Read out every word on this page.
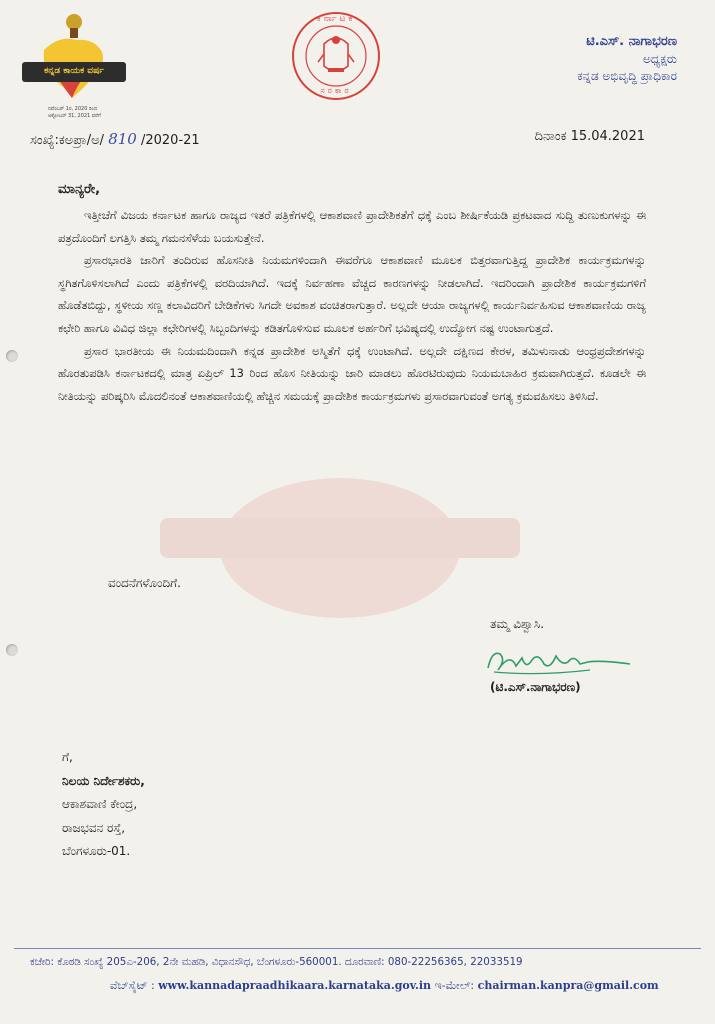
ಕನ್ನಡ ಕಾಯಕ ವರ್ಷ
ನವೆಂಬರ್ 1ರ, 2020 ರಿಂದ
ಅಕ್ಟೋಬರ್ 31, 2021 ವರೆಗೆ
ಕರ್ನಾಟಕ
ಸರಕಾರ
ಟಿ.ಎಸ್. ನಾಗಾಭರಣ
ಅಧ್ಯಕ್ಷರು
ಕನ್ನಡ ಅಭಿವೃದ್ಧಿ ಪ್ರಾಧಿಕಾರ
ಸಂಖ್ಯೆ:ಕಅಪ್ರಾ/ಅ/ 810 /2020-21	ದಿನಾಂಕ 15.04.2021
ಮಾನ್ಯರೇ,

ಇತ್ತೀಚೆಗೆ ವಿಜಯ ಕರ್ನಾಟಕ ಹಾಗೂ ರಾಜ್ಯದ ಇತರೆ ಪತ್ರಿಕೆಗಳಲ್ಲಿ ಆಕಾಶವಾಣಿ ಪ್ರಾದೇಶಿಕತೆಗೆ ಧಕ್ಕೆ ಎಂಬ ಶೀರ್ಷಿಕೆಯಡಿ ಪ್ರಕಟವಾದ ಸುದ್ದಿ ತುಣುಕುಗಳನ್ನು ಈ ಪತ್ರದೊಂದಿಗೆ ಲಗತ್ತಿಸಿ ತಮ್ಮ ಗಮನಸೆಳೆಯ ಬಯಸುತ್ತೇನೆ.

ಪ್ರಸಾರಭಾರತಿ ಜಾರಿಗೆ ತಂದಿರುವ ಹೊಸನೀತಿ ನಿಯಮಗಳಿಂದಾಗಿ ಈವರೆಗೂ ಆಕಾಶವಾಣಿ ಮೂಲಕ ಬಿತ್ತರವಾಗುತ್ತಿದ್ದ ಪ್ರಾದೇಶಿಕ ಕಾರ್ಯಕ್ರಮಗಳನ್ನು ಸ್ಥಗಿತಗೊಳಿಸಲಾಗಿದೆ ಎಂದು ಪತ್ರಿಕೆಗಳಲ್ಲಿ ವರದಿಯಾಗಿದೆ. ಇದಕ್ಕೆ ನಿರ್ವಹಣಾ ವೆಚ್ಚದ ಕಾರಣಗಳನ್ನು ನೀಡಲಾಗಿದೆ. ಇದರಿಂದಾಗಿ ಪ್ರಾದೇಶಿಕ ಕಾರ್ಯಕ್ರಮಗಳಿಗೆ ಹೊಡೆತಬಿದ್ದು, ಸ್ಥಳೀಯ ಸಣ್ಣ ಕಲಾವಿದರಿಗೆ ಬೇಡಿಕೆಗಳು ಸಿಗದೇ ಅವಕಾಶ ವಂಚಿತರಾಗುತ್ತಾರೆ. ಅಲ್ಲದೇ ಆಯಾ ರಾಜ್ಯಗಳಲ್ಲಿ ಕಾರ್ಯನಿರ್ವಹಿಸುವ ಆಕಾಶವಾಣಿಯ ರಾಜ್ಯ ಕಛೇರಿ ಹಾಗೂ ವಿವಿಧ ಜಿಲ್ಲಾ ಕಛೇರಿಗಳಲ್ಲಿ ಸಿಬ್ಬಂದಿಗಳನ್ನು ಕಡಿತಗೊಳಿಸುವ ಮೂಲಕ ಅರ್ಹರಿಗೆ ಭವಿಷ್ಯದಲ್ಲಿ ಉದ್ಯೋಗ ನಷ್ಟ ಉಂಟಾಗುತ್ತದೆ.

ಪ್ರಸಾರ ಭಾರತೀಯ ಈ ನಿಯಮದಿಂದಾಗಿ ಕನ್ನಡ ಪ್ರಾದೇಶಿಕ ಅಸ್ಮಿತೆಗೆ ಧಕ್ಕೆ ಉಂಟಾಗಿದೆ. ಅಲ್ಲದೇ ದಕ್ಷಿಣದ ಕೇರಳ, ತಮಿಳುನಾಡು ಆಂಧ್ರಪ್ರದೇಶಗಳನ್ನು ಹೊರತುಪಡಿಸಿ ಕರ್ನಾಟಕದಲ್ಲಿ ಮಾತ್ರ ಏಪ್ರಿಲ್ 13 ರಿಂದ ಹೊಸ ನೀತಿಯನ್ನು ಜಾರಿ ಮಾಡಲು ಹೊರಟಿರುವುದು ನಿಯಮಬಾಹಿರ ಕ್ರಮವಾಗಿರುತ್ತದೆ. ಕೂಡಲೇ ಈ ನೀತಿಯನ್ನು ಪರಿಷ್ಕರಿಸಿ ಮೊದಲಿನಂತೆ ಆಕಾಶವಾಣಿಯಲ್ಲಿ ಹೆಚ್ಚಿನ ಸಮಯಕ್ಕೆ ಪ್ರಾದೇಶಿಕ ಕಾರ್ಯಕ್ರಮಗಳು ಪ್ರಸಾರವಾಗುವಂತೆ ಅಗತ್ಯ ಕ್ರಮವಹಿಸಲು ತಿಳಿಸಿದೆ.

ವಂದನೆಗಳೊಂದಿಗೆ.
ತಮ್ಮ ವಿಶ್ವಾಸಿ.
(ಟಿ.ಎಸ್.ನಾಗಾಭರಣ)
ಗೆ,
ನಿಲಯ ನಿರ್ದೇಶಕರು,
ಆಕಾಶವಾಣಿ ಕೇಂದ್ರ,
ರಾಜಭವನ ರಸ್ತೆ,
ಬೆಂಗಳೂರು-01.
ಕಚೇರಿ: ಕೊಠಡಿ ಸಂಖ್ಯೆ 205ಎ-206, 2ನೇ ಮಹಡಿ, ವಿಧಾನಸೌಧ, ಬೆಂಗಳೂರು-560001. ದೂರವಾಣಿ: 080-22256365, 22033519
ವೆಬ್‌ಸೈಟ್ : www.kannadapraadhikaara.karnataka.gov.in ಇ-ಮೇಲ್: chairman.kanpra@gmail.com
